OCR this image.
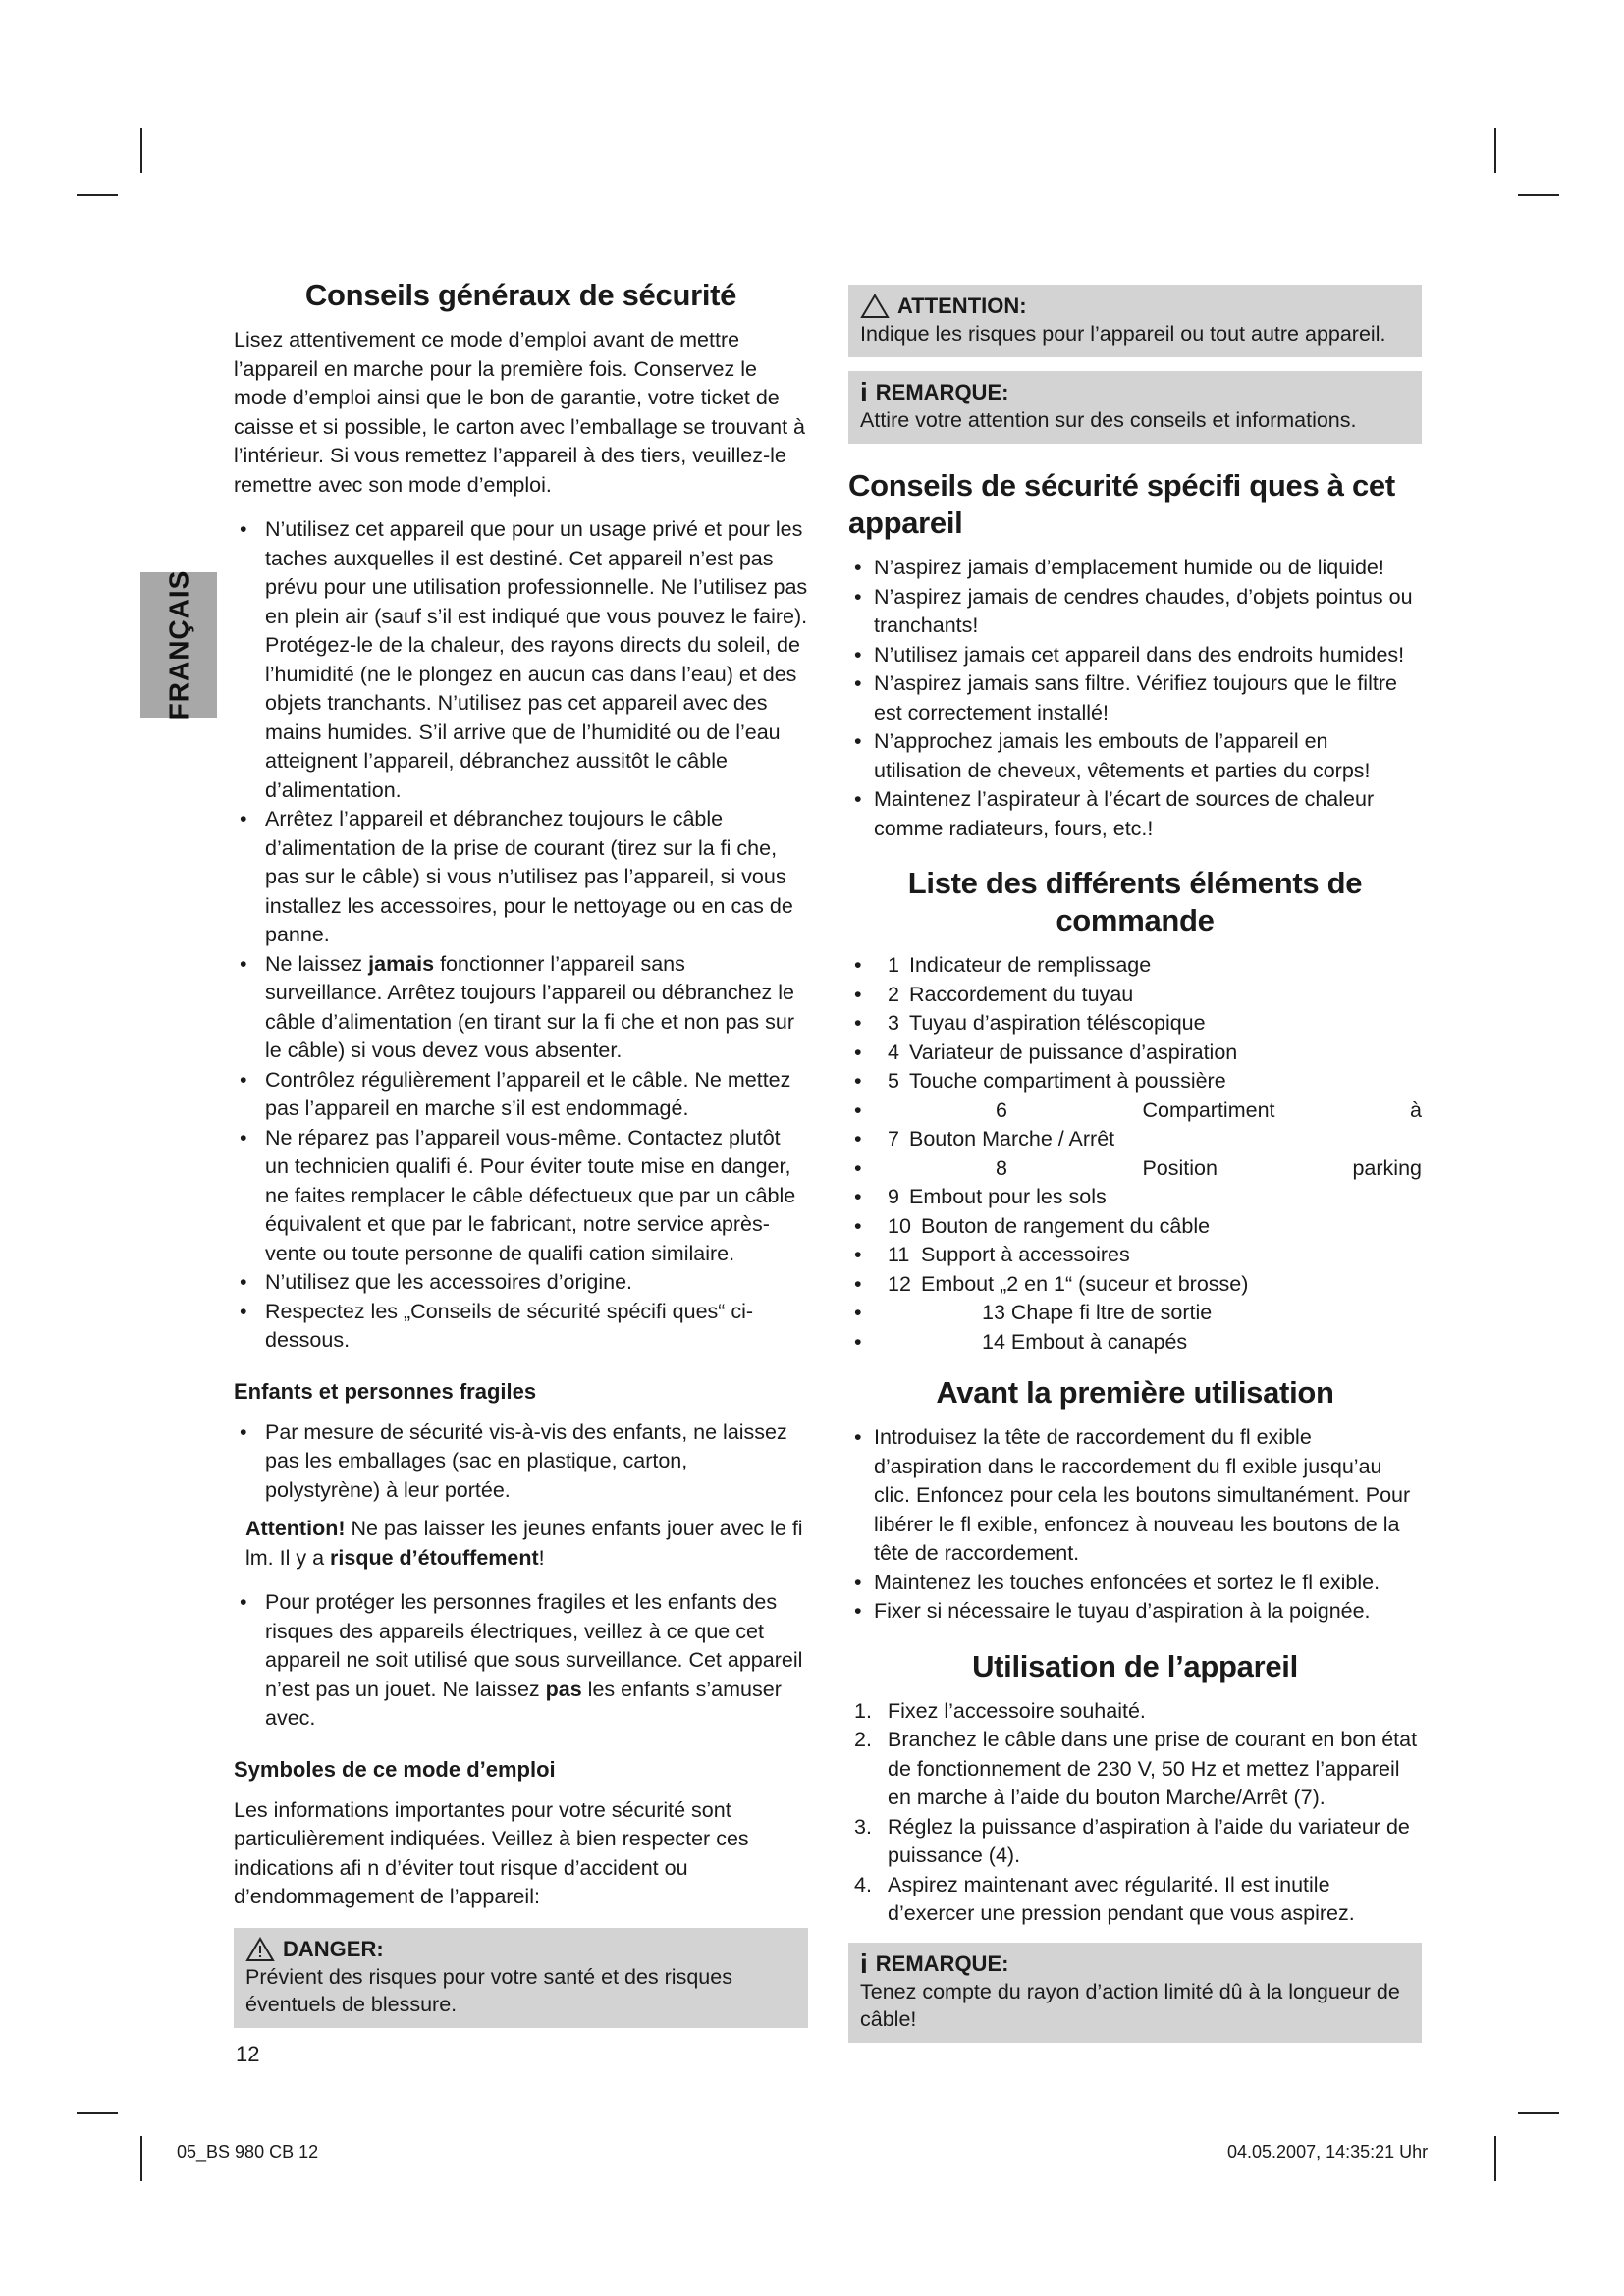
FRANÇAIS
Conseils généraux de sécurité

Lisez attentivement ce mode d’emploi avant de mettre l’appareil en marche pour la première fois. Conservez le mode d’emploi ainsi que le bon de garantie, votre ticket de caisse et si possible, le carton avec l’emballage se trouvant à l’intérieur. Si vous remettez l’appareil à des tiers, veuillez-le remettre avec son mode d’emploi.

• N’utilisez cet appareil que pour un usage privé et pour les taches auxquelles il est destiné. Cet appareil n’est pas prévu pour une utilisation professionnelle. Ne l’utilisez pas en plein air (sauf s’il est indiqué que vous pouvez le faire). Protégez-le de la chaleur, des rayons directs du soleil, de l’humidité (ne le plongez en aucun cas dans l’eau) et des objets tranchants. N’utilisez pas cet appareil avec des mains humides. S’il arrive que de l’humidité ou de l’eau atteignent l’appareil, débranchez aussitôt le câble d’alimentation.
• Arrêtez l’appareil et débranchez toujours le câble d’alimentation de la prise de courant (tirez sur la fi che, pas sur le câble) si vous n’utilisez pas l’appareil, si vous installez les accessoires, pour le nettoyage ou en cas de panne.
• Ne laissez jamais fonctionner l’appareil sans surveillance. Arrêtez toujours l’appareil ou débranchez le câble d’alimentation (en tirant sur la fi che et non pas sur le câble) si vous devez vous absenter.
• Contrôlez régulièrement l’appareil et le câble. Ne mettez pas l’appareil en marche s’il est endommagé.
• Ne réparez pas l’appareil vous-même. Contactez plutôt un technicien qualifi é. Pour éviter toute mise en danger, ne faites remplacer le câble défectueux que par un câble équivalent et que par le fabricant, notre service après-vente ou toute personne de qualifi cation similaire.
• N’utilisez que les accessoires d’origine.
• Respectez les „Conseils de sécurité spécifi ques“ ci-dessous.
Enfants et personnes fragiles
• Par mesure de sécurité vis-à-vis des enfants, ne laissez pas les emballages (sac en plastique, carton, polystyrène) à leur portée.

Attention! Ne pas laisser les jeunes enfants jouer avec le fi lm. Il y a risque d’étouffement!

• Pour protéger les personnes fragiles et les enfants des risques des appareils électriques, veillez à ce que cet appareil ne soit utilisé que sous surveillance. Cet appareil n’est pas un jouet. Ne laissez pas les enfants s’amuser avec.
Symboles de ce mode d’emploi

Les informations importantes pour votre sécurité sont particulièrement indiquées. Veillez à bien respecter ces indications afi n d’éviter tout risque d’accident ou d’endommagement de l’appareil:

DANGER:
Prévient des risques pour votre santé et des risques éventuels de blessure.
ATTENTION:
Indique les risques pour l’appareil ou tout autre appareil.
i REMARQUE:
Attire votre attention sur des conseils et informations.
Conseils de sécurité spécifi ques à cet appareil
• N’aspirez jamais d’emplacement humide ou de liquide!
• N’aspirez jamais de cendres chaudes, d’objets pointus ou tranchants!
• N’utilisez jamais cet appareil dans des endroits humides!
• N’aspirez jamais sans filtre. Vérifiez toujours que le filtre est correctement installé!
• N’approchez jamais les embouts de l’appareil en utilisation de cheveux, vêtements et parties du corps!
• Maintenez l’aspirateur à l’écart de sources de chaleur comme radiateurs, fours, etc.!
Liste des différents éléments de commande
• 1 Indicateur de remplissage
• 2 Raccordement du tuyau
• 3 Tuyau d’aspiration téléscopique
• 4 Variateur de puissance d’aspiration
• 5 Touche compartiment à poussière
• 6	Compartiment	à
• 7 Bouton Marche / Arrêt
• 8	Position	parking
• 9 Embout pour les sols
• 10 Bouton de rangement du câble
• 11 Support à accessoires
• 12 Embout „2 en 1“ (suceur et brosse)
• 13 Chape fi ltre de sortie
• 14 Embout à canapés
Avant la première utilisation
• Introduisez la tête de raccordement du fl exible d’aspiration dans le raccordement du fl exible jusqu’au clic. Enfoncez pour cela les boutons simultanément. Pour libérer le fl exible, enfoncez à nouveau les boutons de la tête de raccordement.
• Maintenez les touches enfoncées et sortez le fl exible.
• Fixer si nécessaire le tuyau d’aspiration à la poignée.
Utilisation de l’appareil
1. Fixez l’accessoire souhaité.
2. Branchez le câble dans une prise de courant en bon état de fonctionnement de 230 V, 50 Hz et mettez l’appareil en marche à l’aide du bouton Marche/Arrêt (7).
3. Réglez la puissance d’aspiration à l’aide du variateur de puissance (4).
4. Aspirez maintenant avec régularité. Il est inutile d’exercer une pression pendant que vous aspirez.
i REMARQUE:
Tenez compte du rayon d’action limité dû à la longueur de câble!
12
05_BS 980 CB 12	04.05.2007, 14:35:21 Uhr
